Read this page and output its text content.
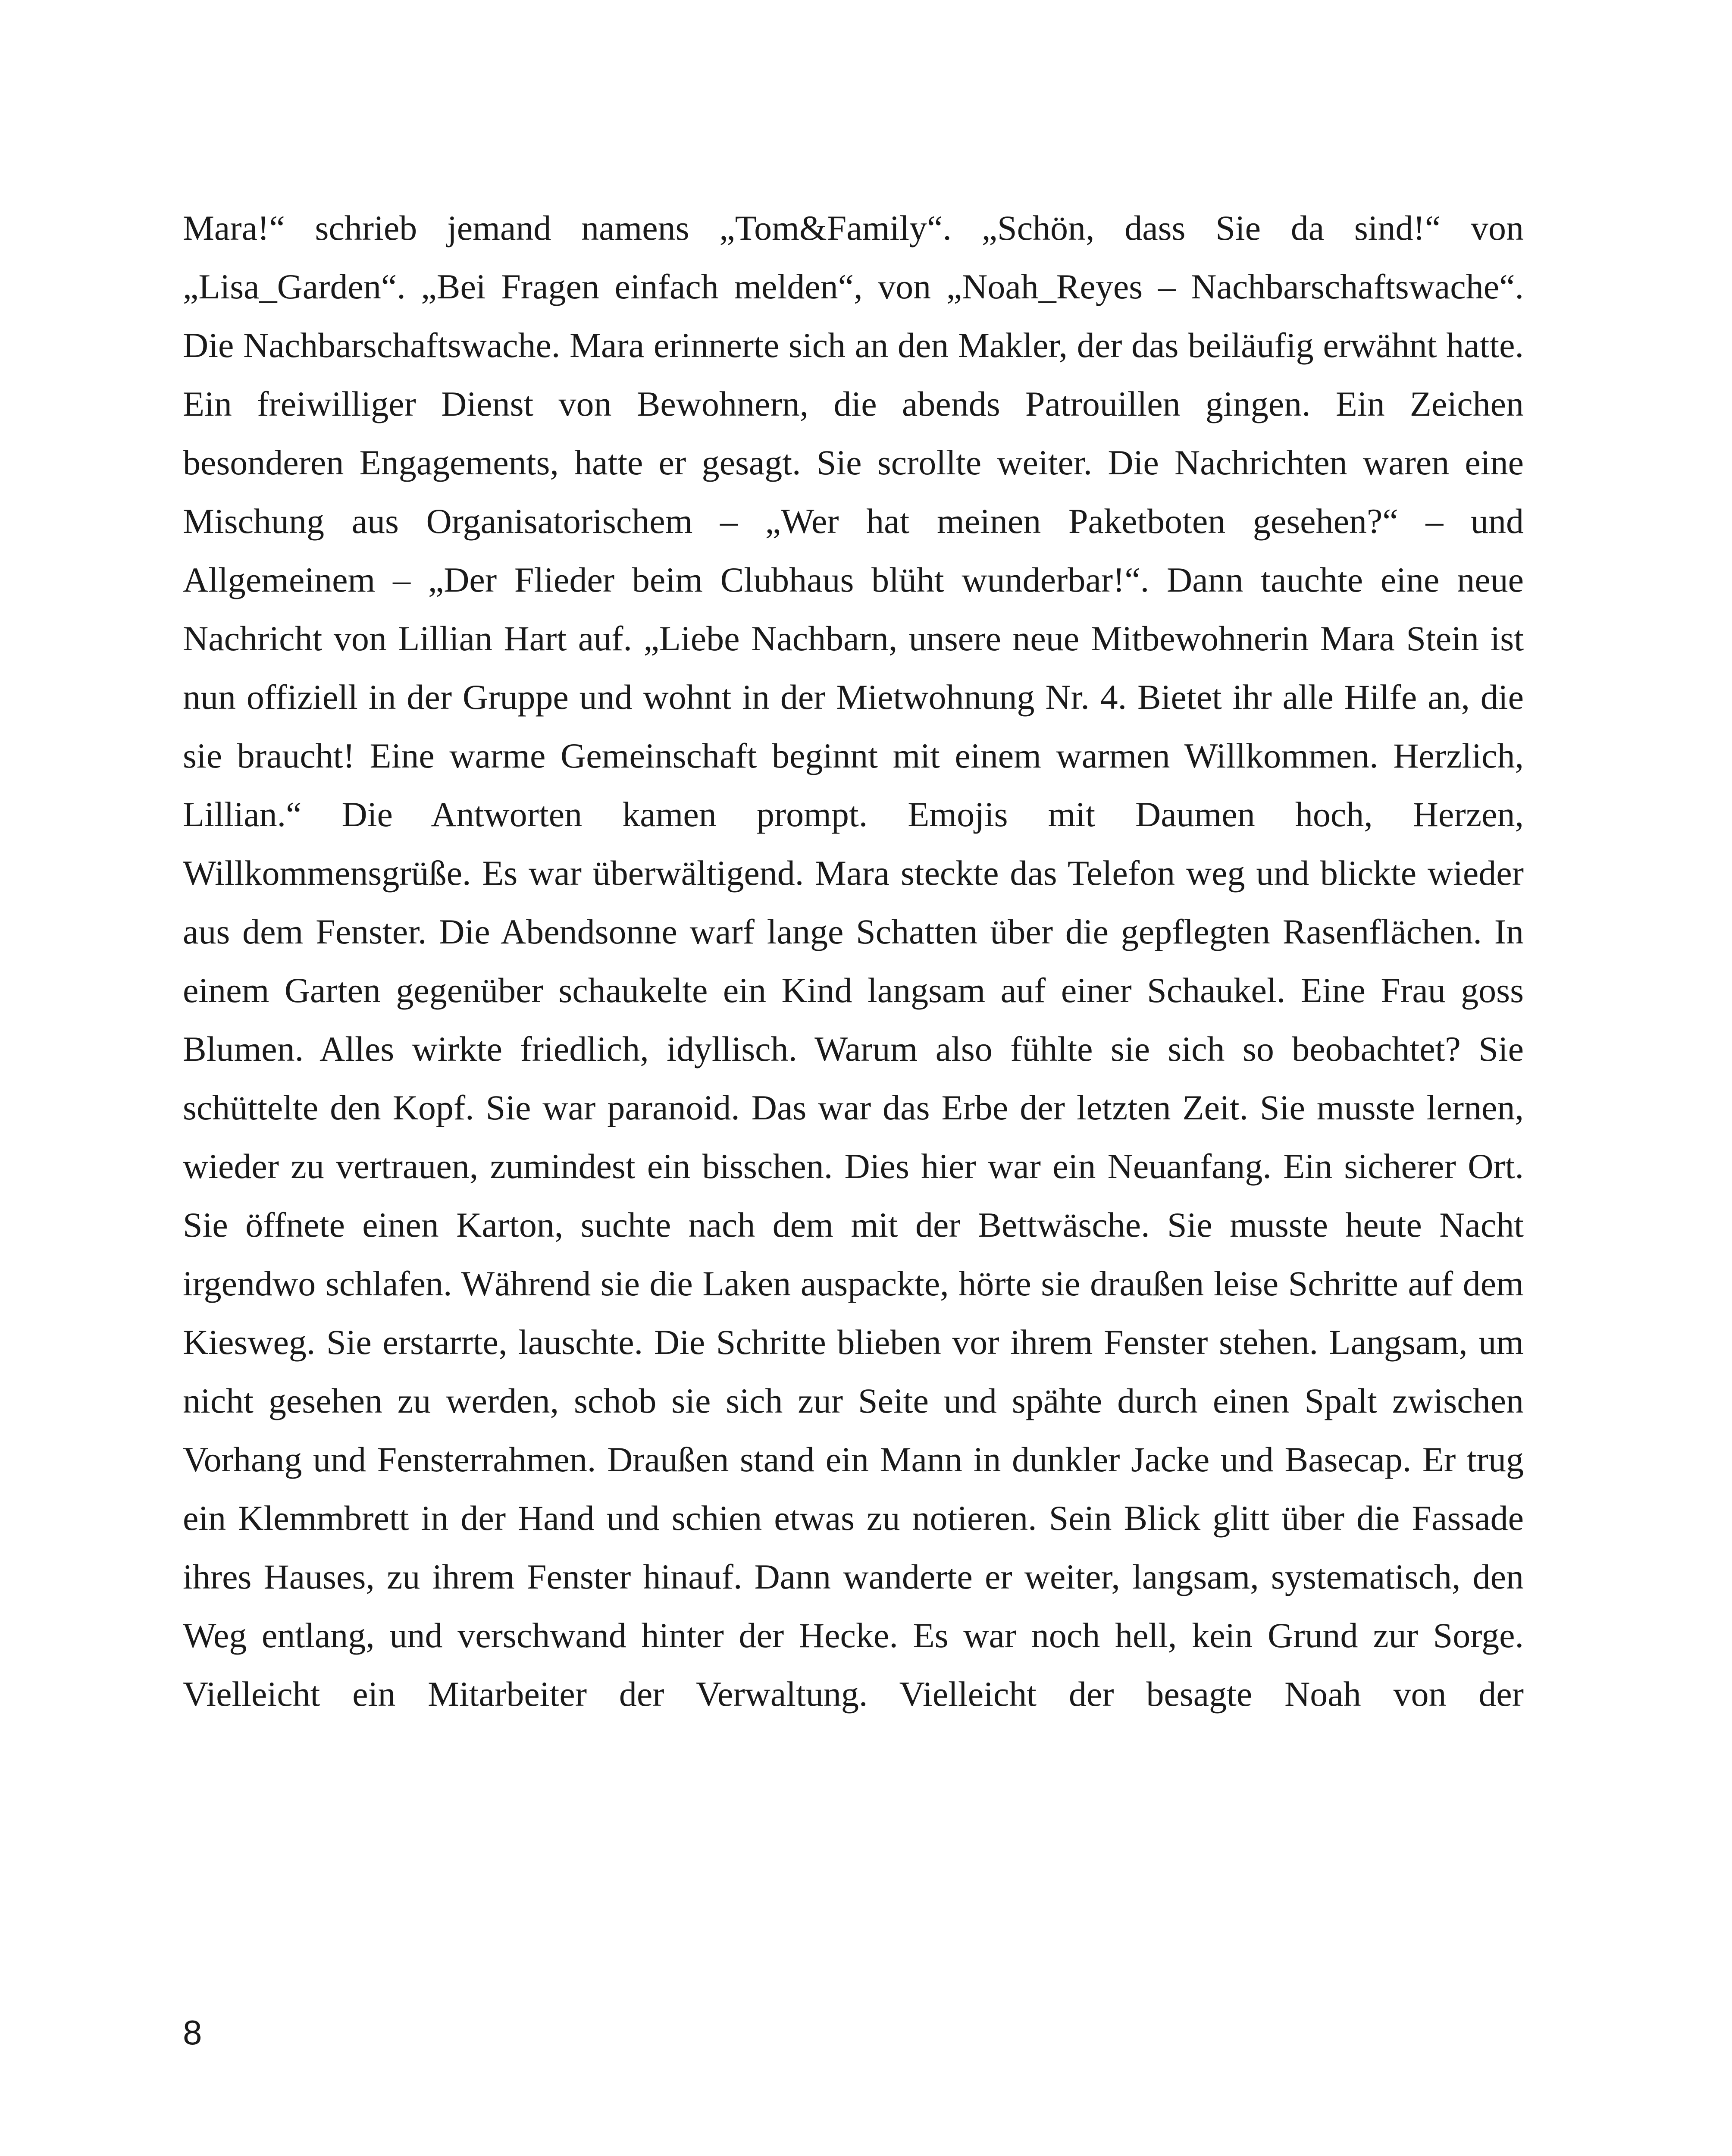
Mara!“ schrieb jemand namens „Tom&Family“. „Schön, dass Sie da sind!“ von „Lisa_Garden“. „Bei Fragen einfach melden“, von „Noah_Reyes – Nachbarschaftswache“. Die Nachbarschaftswache. Mara erinnerte sich an den Makler, der das beiläufig erwähnt hatte. Ein freiwilliger Dienst von Bewohnern, die abends Patrouillen gingen. Ein Zeichen besonderen Engagements, hatte er gesagt. Sie scrollte weiter. Die Nachrichten waren eine Mischung aus Organisatorischem – „Wer hat meinen Paketboten gesehen?“ – und Allgemeinem – „Der Flieder beim Clubhaus blüht wunderbar!“. Dann tauchte eine neue Nachricht von Lillian Hart auf. „Liebe Nachbarn, unsere neue Mitbewohnerin Mara Stein ist nun offiziell in der Gruppe und wohnt in der Mietwohnung Nr. 4. Bietet ihr alle Hilfe an, die sie braucht! Eine warme Gemeinschaft beginnt mit einem warmen Willkommen. Herzlich, Lillian.“ Die Antworten kamen prompt. Emojis mit Daumen hoch, Herzen, Willkommensgrüße. Es war überwältigend. Mara steckte das Telefon weg und blickte wieder aus dem Fenster. Die Abendsonne warf lange Schatten über die gepflegten Rasenflächen. In einem Garten gegenüber schaukelte ein Kind langsam auf einer Schaukel. Eine Frau goss Blumen. Alles wirkte friedlich, idyllisch. Warum also fühlte sie sich so beobachtet? Sie schüttelte den Kopf. Sie war paranoid. Das war das Erbe der letzten Zeit. Sie musste lernen, wieder zu vertrauen, zumindest ein bisschen. Dies hier war ein Neuanfang. Ein sicherer Ort. Sie öffnete einen Karton, suchte nach dem mit der Bettwäsche. Sie musste heute Nacht irgendwo schlafen. Während sie die Laken auspackte, hörte sie draußen leise Schritte auf dem Kiesweg. Sie erstarrte, lauschte. Die Schritte blieben vor ihrem Fenster stehen. Langsam, um nicht gesehen zu werden, schob sie sich zur Seite und spähte durch einen Spalt zwischen Vorhang und Fensterrahmen. Draußen stand ein Mann in dunkler Jacke und Basecap. Er trug ein Klemmbrett in der Hand und schien etwas zu notieren. Sein Blick glitt über die Fassade ihres Hauses, zu ihrem Fenster hinauf. Dann wanderte er weiter, langsam, systematisch, den Weg entlang, und verschwand hinter der Hecke. Es war noch hell, kein Grund zur Sorge. Vielleicht ein Mitarbeiter der Verwaltung. Vielleicht der besagte Noah von der

8
